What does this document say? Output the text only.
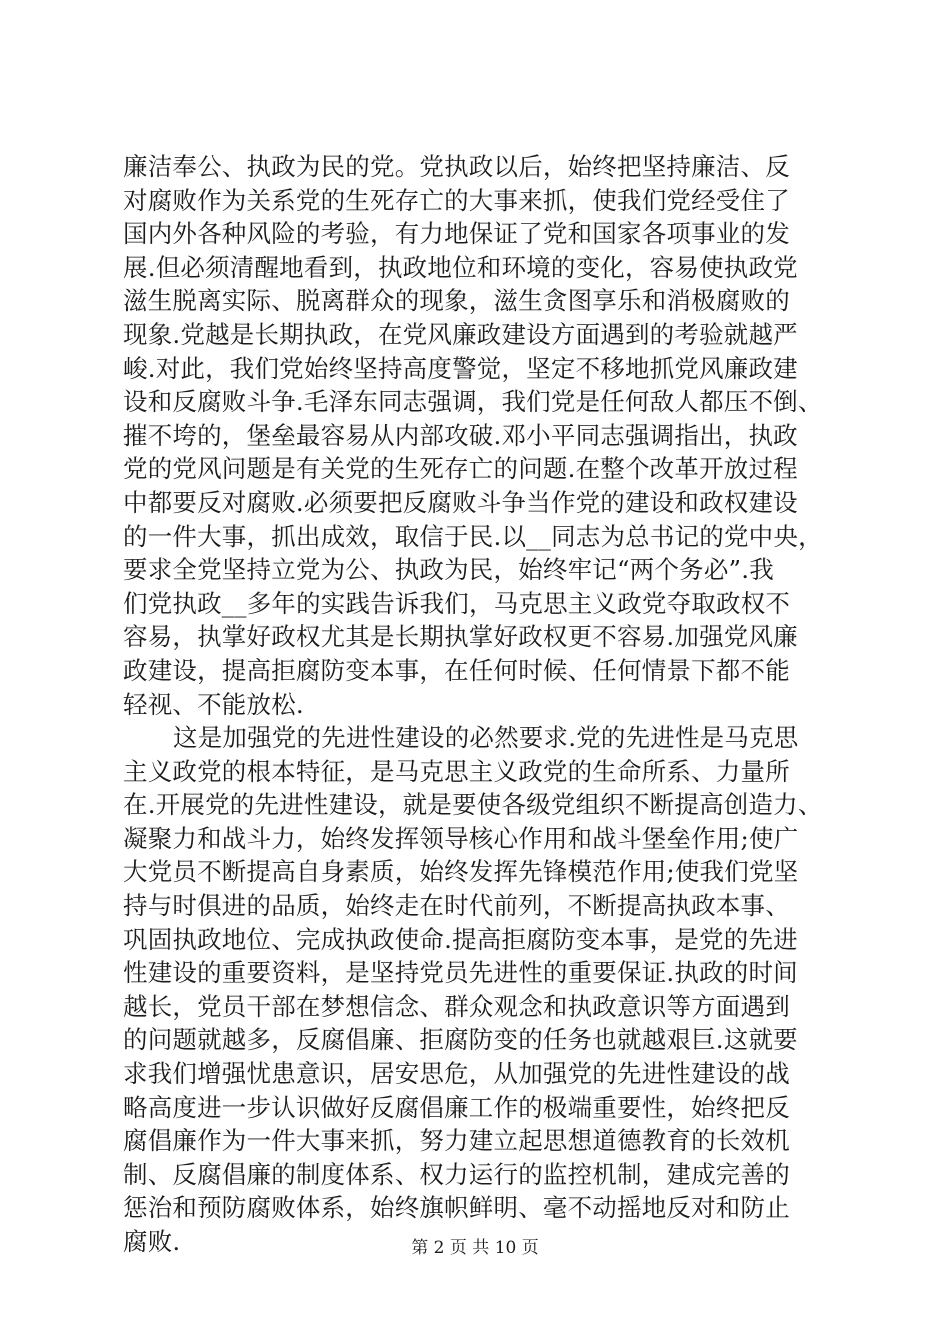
廉洁奉公、执政为民的党。党执政以后，始终把坚持廉洁、反
对腐败作为关系党的生死存亡的大事来抓，使我们党经受住了
国内外各种风险的考验，有力地保证了党和国家各项事业的发
展.但必须清醒地看到，执政地位和环境的变化，容易使执政党
滋生脱离实际、脱离群众的现象，滋生贪图享乐和消极腐败的
现象.党越是长期执政，在党风廉政建设方面遇到的考验就越严
峻.对此，我们党始终坚持高度警觉，坚定不移地抓党风廉政建
设和反腐败斗争.毛泽东同志强调，我们党是任何敌人都压不倒、
摧不垮的，堡垒最容易从内部攻破.邓小平同志强调指出，执政
党的党风问题是有关党的生死存亡的问题.在整个改革开放过程
中都要反对腐败.必须要把反腐败斗争当作党的建设和政权建设
的一件大事，抓出成效，取信于民.以__同志为总书记的党中央，
要求全党坚持立党为公、执政为民，始终牢记“两个务必”.我
们党执政__多年的实践告诉我们，马克思主义政党夺取政权不
容易，执掌好政权尤其是长期执掌好政权更不容易.加强党风廉
政建设，提高拒腐防变本事，在任何时候、任何情景下都不能
轻视、不能放松.
这是加强党的先进性建设的必然要求.党的先进性是马克思
主义政党的根本特征，是马克思主义政党的生命所系、力量所
在.开展党的先进性建设，就是要使各级党组织不断提高创造力、
凝聚力和战斗力，始终发挥领导核心作用和战斗堡垒作用;使广
大党员不断提高自身素质，始终发挥先锋模范作用;使我们党坚
持与时俱进的品质，始终走在时代前列，不断提高执政本事、
巩固执政地位、完成执政使命.提高拒腐防变本事，是党的先进
性建设的重要资料，是坚持党员先进性的重要保证.执政的时间
越长，党员干部在梦想信念、群众观念和执政意识等方面遇到
的问题就越多，反腐倡廉、拒腐防变的任务也就越艰巨.这就要
求我们增强忧患意识，居安思危，从加强党的先进性建设的战
略高度进一步认识做好反腐倡廉工作的极端重要性，始终把反
腐倡廉作为一件大事来抓，努力建立起思想道德教育的长效机
制、反腐倡廉的制度体系、权力运行的监控机制，建成完善的
惩治和预防腐败体系，始终旗帜鲜明、毫不动摇地反对和防止
腐败.	第 2 页 共 10 页
